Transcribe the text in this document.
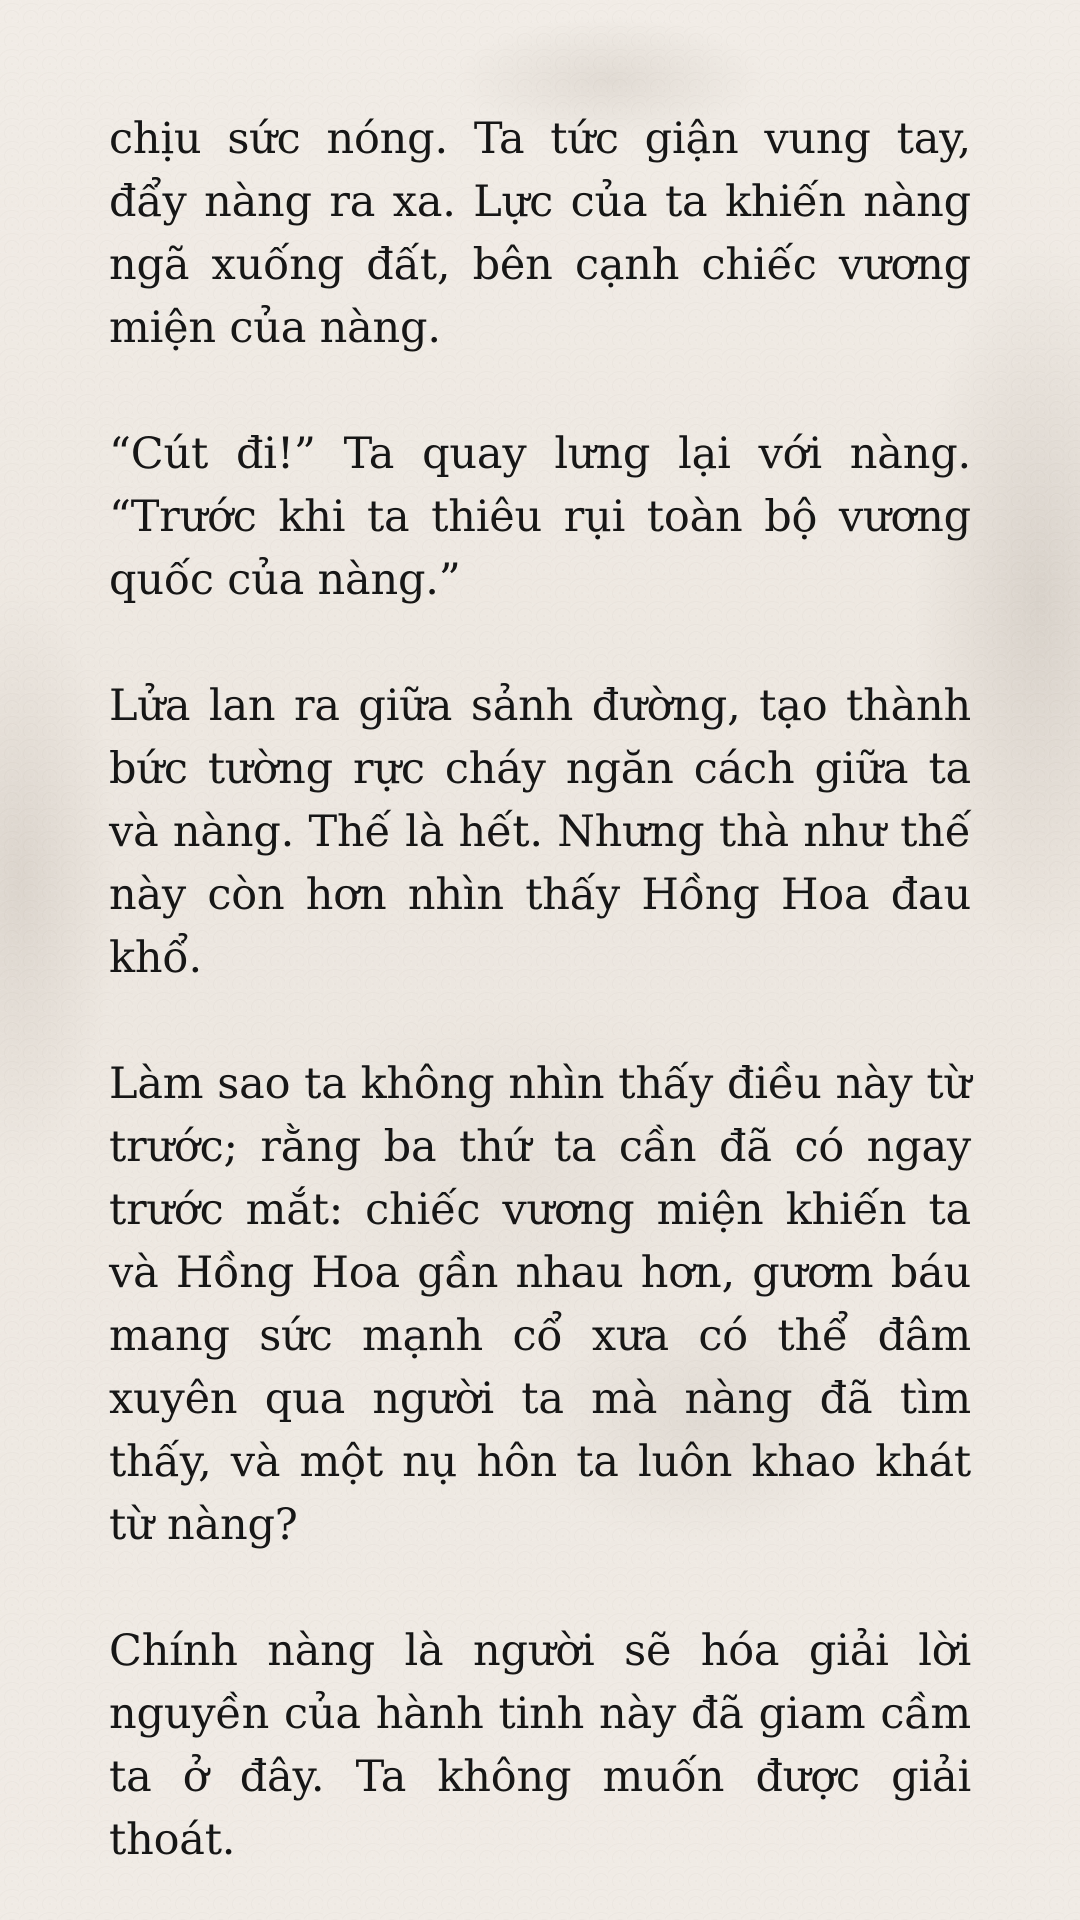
chịu sức nóng. Ta tức giận vung tay, đẩy nàng ra xa. Lực của ta khiến nàng ngã xuống đất, bên cạnh chiếc vương miện của nàng.

“Cút đi!” Ta quay lưng lại với nàng. “Trước khi ta thiêu rụi toàn bộ vương quốc của nàng.”

Lửa lan ra giữa sảnh đường, tạo thành bức tường rực cháy ngăn cách giữa ta và nàng. Thế là hết. Nhưng thà như thế này còn hơn nhìn thấy Hồng Hoa đau khổ.

Làm sao ta không nhìn thấy điều này từ trước; rằng ba thứ ta cần đã có ngay trước mắt: chiếc vương miện khiến ta và Hồng Hoa gần nhau hơn, gươm báu mang sức mạnh cổ xưa có thể đâm xuyên qua người ta mà nàng đã tìm thấy, và một nụ hôn ta luôn khao khát từ nàng?

Chính nàng là người sẽ hóa giải lời nguyền của hành tinh này đã giam cầm ta ở đây. Ta không muốn được giải thoát.
